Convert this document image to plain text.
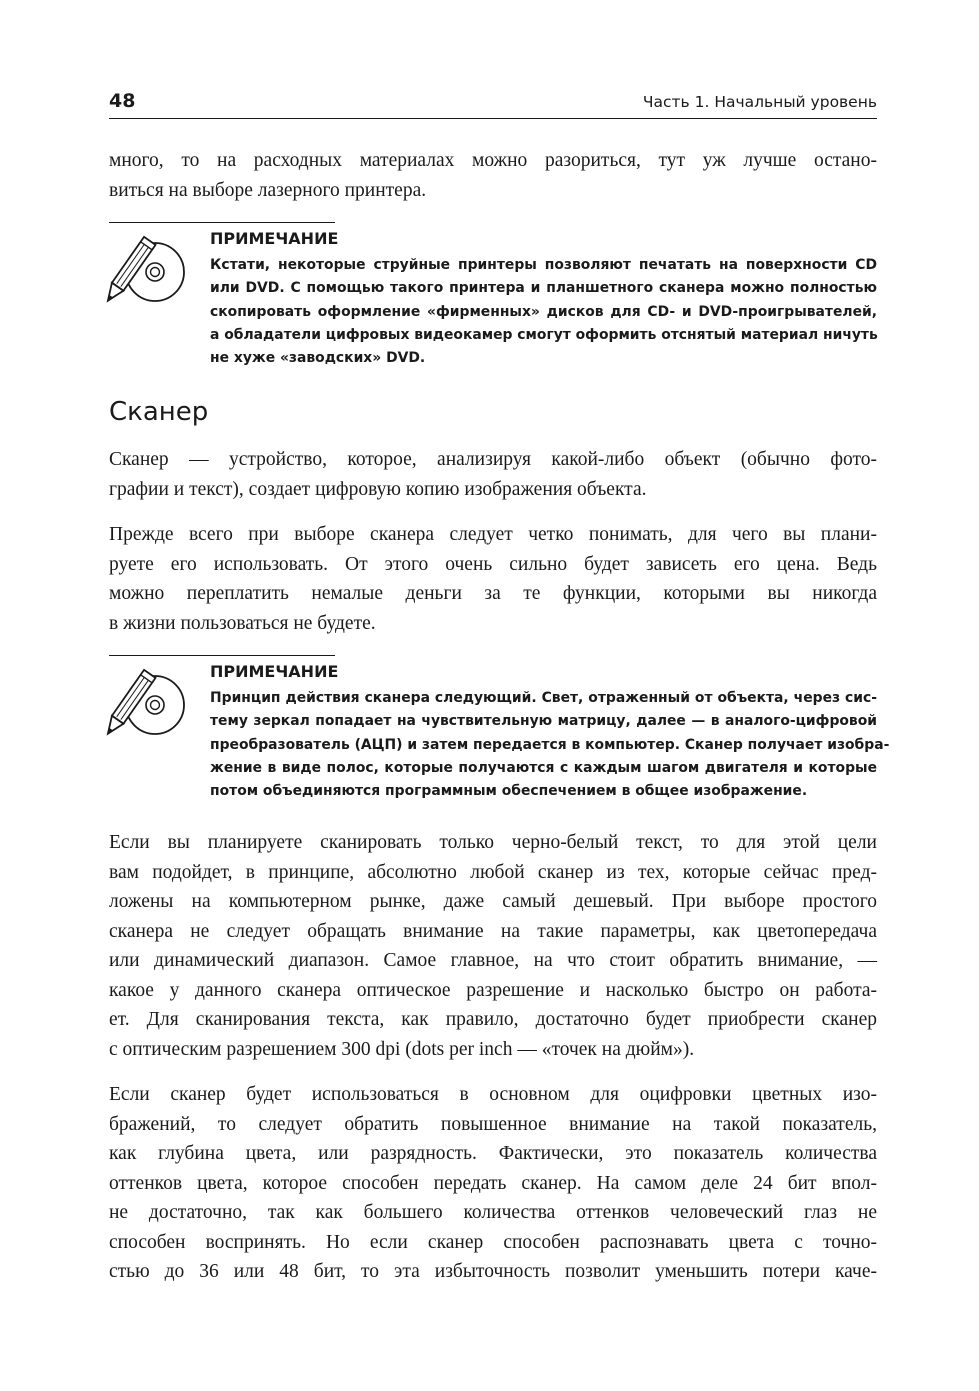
48	Часть 1. Начальный уровень
много, то на расходных материалах можно разориться, тут уж лучше остано-
виться на выборе лазерного принтера.
ПРИМЕЧАНИЕ
Кстати, некоторые струйные принтеры позволяют печатать на поверхности CD
или DVD. С помощью такого принтера и планшетного сканера можно полностью
скопировать оформление «фирменных» дисков для CD- и DVD-проигрывателей,
а обладатели цифровых видеокамер смогут оформить отснятый материал ничуть
не хуже «заводских» DVD.
Сканер
Сканер — устройство, которое, анализируя какой-либо объект (обычно фото-
графии и текст), создает цифровую копию изображения объекта.
Прежде всего при выборе сканера следует четко понимать, для чего вы плани-
руете его использовать. От этого очень сильно будет зависеть его цена. Ведь
можно переплатить немалые деньги за те функции, которыми вы никогда
в жизни пользоваться не будете.
ПРИМЕЧАНИЕ
Принцип действия сканера следующий. Свет, отраженный от объекта, через сис-
тему зеркал попадает на чувствительную матрицу, далее — в аналого-цифровой
преобразователь (АЦП) и затем передается в компьютер. Сканер получает изобра-
жение в виде полос, которые получаются с каждым шагом двигателя и которые
потом объединяются программным обеспечением в общее изображение.
Если вы планируете сканировать только черно-белый текст, то для этой цели
вам подойдет, в принципе, абсолютно любой сканер из тех, которые сейчас пред-
ложены на компьютерном рынке, даже самый дешевый. При выборе простого
сканера не следует обращать внимание на такие параметры, как цветопередача
или динамический диапазон. Самое главное, на что стоит обратить внимание, —
какое у данного сканера оптическое разрешение и насколько быстро он работа-
ет. Для сканирования текста, как правило, достаточно будет приобрести сканер
с оптическим разрешением 300 dpi (dots per inch — «точек на дюйм»).
Если сканер будет использоваться в основном для оцифровки цветных изо-
бражений, то следует обратить повышенное внимание на такой показатель,
как глубина цвета, или разрядность. Фактически, это показатель количества
оттенков цвета, которое способен передать сканер. На самом деле 24 бит впол-
не достаточно, так как большего количества оттенков человеческий глаз не
способен воспринять. Но если сканер способен распознавать цвета с точно-
стью до 36 или 48 бит, то эта избыточность позволит уменьшить потери каче-
